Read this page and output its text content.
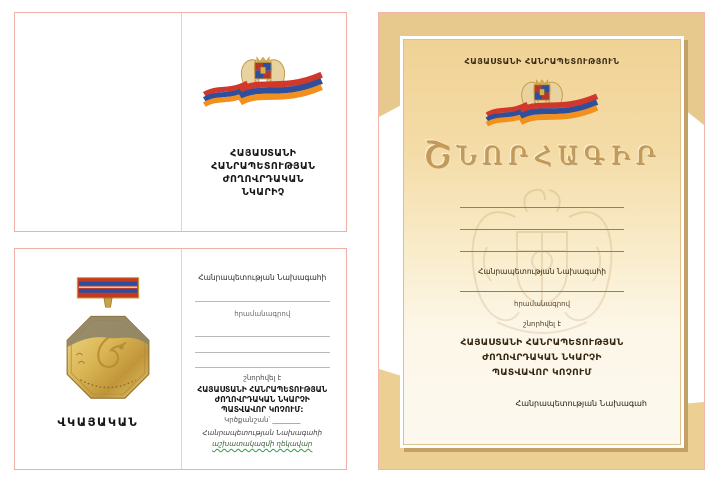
ՀԱՅԱՍՏԱՆԻ
ՀԱՆՐԱՊԵՏՈՒԹՅԱՆ
ԺՈՂՈՎՐԴԱԿԱՆ
ՆԿԱՐԻՉ
ՎԿԱՅԱԿԱՆ
Հանրապետության Նախագահի
հրամանագրով
շնորհվել է
ՀԱՅԱՍՏԱՆԻ ՀԱՆՐԱՊԵՏՈՒԹՅԱՆ
ԺՈՂՈՎՐԴԱԿԱՆ ՆԿԱՐՉԻ
ՊԱՏՎԱՎՈՐ ԿՈՉՈՒՄ:
Կրծքանշան՝ ________
Հանրապետության Նախագահի
աշխատակազմի ղեկավար
ՀԱՅԱՍՏԱՆԻ ՀԱՆՐԱՊԵՏՈՒԹՅՈՒՆ
ՇՆՈՐՀԱԳԻՐ
Հանրապետության Նախագահի
հրամանագրով
շնորհվել է
ՀԱՅԱՍՏԱՆԻ ՀԱՆՐԱՊԵՏՈՒԹՅԱՆ
ԺՈՂՈՎՐԴԱԿԱՆ ՆԿԱՐՉԻ
ՊԱՏՎԱՎՈՐ ԿՈՉՈՒՄ
Հանրապետության Նախագահ
